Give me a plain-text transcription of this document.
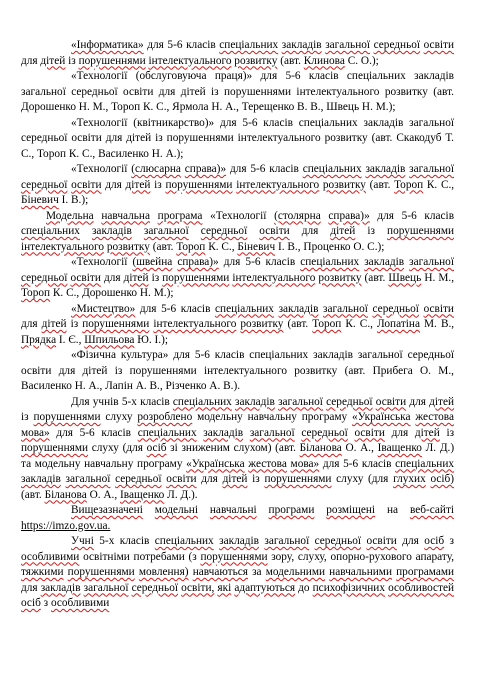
«Інформатика» для 5-6 класів спеціальних закладів загальної середньої освіти для дітей із порушеннями інтелектуального розвитку (авт. Клинова С. О.);

«Технології (обслуговуюча праця)» для 5-6 класів спеціальних закладів загальної середньої освіти для дітей із порушеннями інтелектуального розвитку (авт. Дорошенко Н. М., Тороп К. С., Ярмола Н. А., Терещенко В. В., Швець Н. М.);

«Технології (квітникарство)» для 5-6 класів спеціальних закладів загальної середньої освіти для дітей із порушеннями інтелектуального розвитку (авт. Скакодуб Т. С., Тороп К. С., Василенко Н. А.);

«Технології (слюсарна справа)» для 5-6 класів спеціальних закладів загальної середньої освіти для дітей із порушеннями інтелектуального розвитку (авт. Тороп К. С., Біневич І. В.);

Модельна навчальна програма «Технології (столярна справа)» для 5-6 класів спеціальних закладів загальної середньої освіти для дітей із порушеннями інтелектуального розвитку (авт. Тороп К. С., Біневич І. В., Проценко О. С.);

«Технології (швейна справа)» для 5-6 класів спеціальних закладів загальної середньої освіти для дітей із порушеннями інтелектуального розвитку (авт. Швець Н. М., Тороп К. С., Дорошенко Н. М.);

«Мистецтво» для 5-6 класів спеціальних закладів загальної середньої освіти для дітей із порушеннями інтелектуального розвитку (авт. Тороп К. С., Лопатіна М. В., Прядка І. Є., Шпильова Ю. І.);

«Фізична культура» для 5-6 класів спеціальних закладів загальної середньої освіти для дітей із порушеннями інтелектуального розвитку (авт. Прибега О. М., Василенко Н. А., Лапін А. В., Різченко А. В.).

Для учнів 5-х класів спеціальних закладів загальної середньої освіти для дітей із порушеннями слуху розроблено модельну навчальну програму «Українська жестова мова» для 5-6 класів спеціальних закладів загальної середньої освіти для дітей із порушеннями слуху (для осіб зі зниженим слухом) (авт. Біланова О. А., Іващенко Л. Д.) та модельну навчальну програму «Українська жестова мова» для 5-6 класів спеціальних закладів загальної середньої освіти для дітей із порушеннями слуху (для глухих осіб) (авт. Біланова О. А., Іващенко Л. Д.).

Вищезазначені модельні навчальні програми розміщені на веб-сайті https://imzo.gov.ua.

Учні 5-х класів спеціальних закладів загальної середньої освіти для осіб з особливими освітніми потребами (з порушеннями зору, слуху, опорно-рухового апарату, тяжкими порушеннями мовлення) навчаються за модельними навчальними програмами для закладів загальної середньої освіти, які адаптуються до психофізичних особливостей осіб з особливими
